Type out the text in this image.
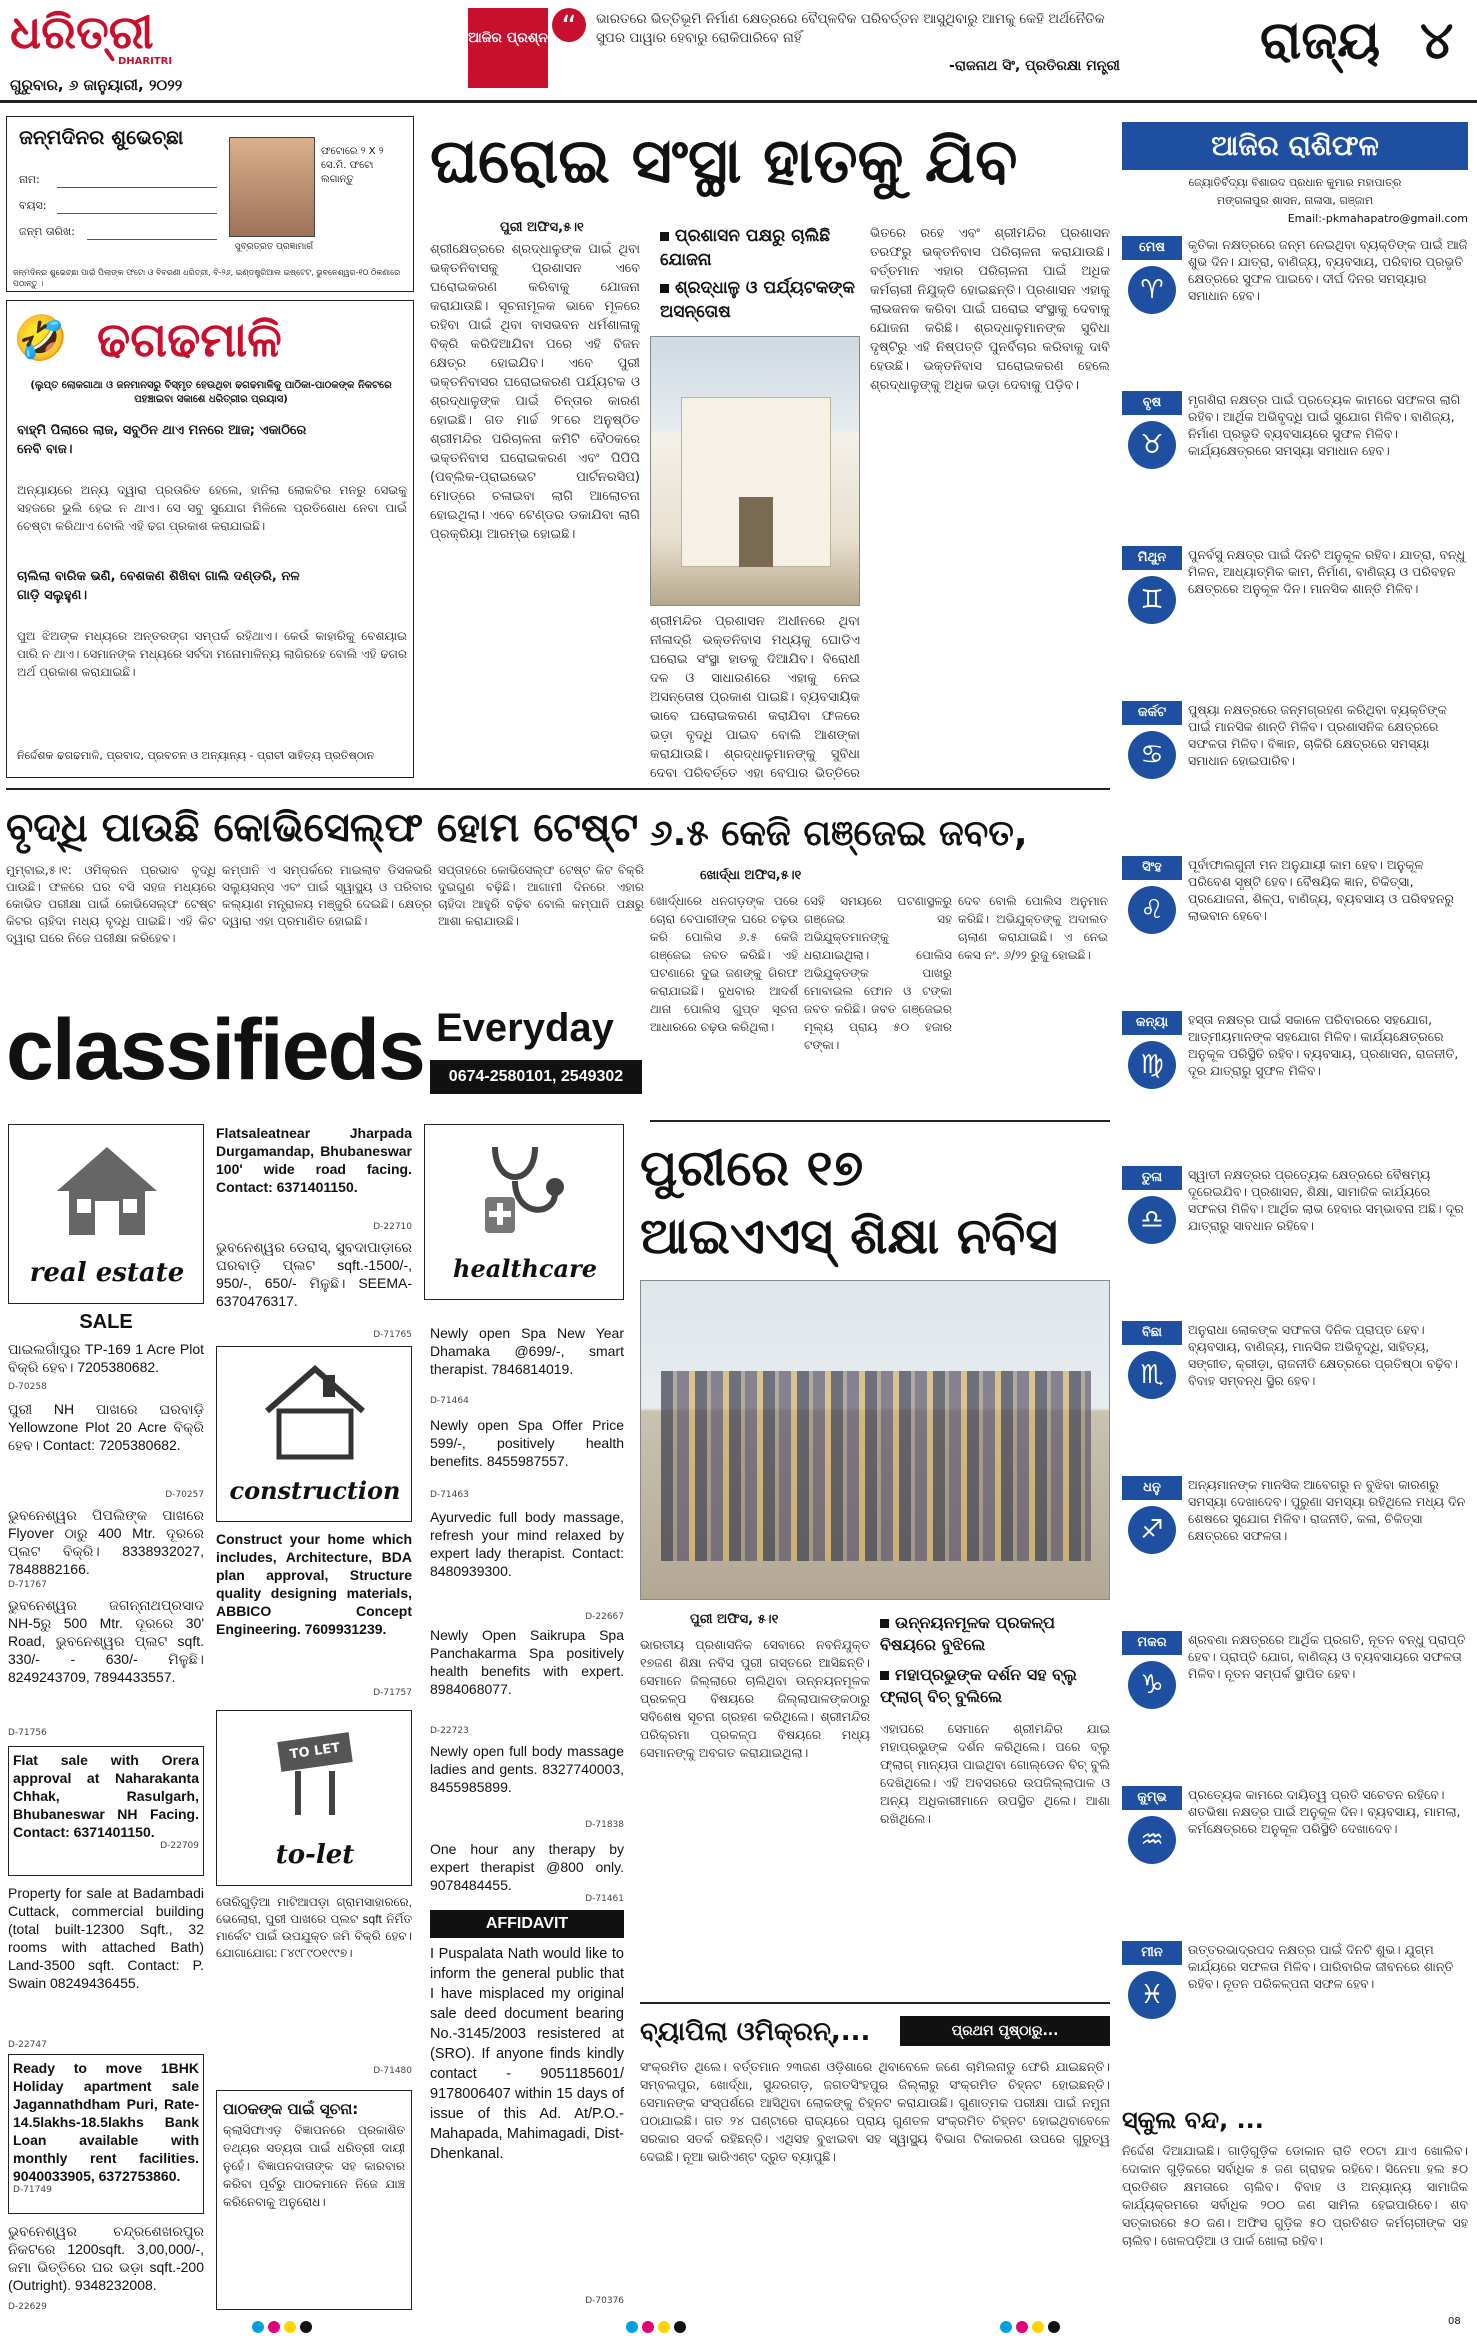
ଧରିତ୍ରୀ
DHARITRI
ଗୁରୁବାର, ୬ ଜାନୁୟାରୀ, ୨୦୨୨
ଆଜିର ପ୍ରଶ୍ନ “	ଭାରତରେ ଭିତ୍ତିଭୂମି ନିର୍ମାଣ କ୍ଷେତ୍ରରେ ବୈପ୍ଳବିକ ପରିବର୍ତ୍ତନ ଆସୁଥିବାରୁ ଆମକୁ କେହି ଅର୍ଥନୈତିକ ସୁପର ପାୱାର ହେବାରୁ ରୋକିପାରିବେ ନାହିଁ
-ରାଜନାଥ ସିଂ, ପ୍ରତିରକ୍ଷା ମନ୍ତ୍ରୀ	ରାଜ୍ୟ ୪
ଜନ୍ମଦିନର ଶୁଭେଚ୍ଛା
ଫଟୋରେ ୨ X ୨ ସେ.ମି. ଫଟୋ ଲଗାନ୍ତୁ
ନାମ:
ବୟସ:
ଜନ୍ମ ତାରିଖ:
ସୁବ୍ରତ୍ରତ ପ୍ରଜ୍ଞାମାର୍ଗ
ଜନ୍ମଦିନର ଶୁଭେଚ୍ଛା ପାଇଁ ପିଲାଙ୍କ ଫଟୋ ଓ ବିବରଣୀ ଧରିତ୍ରୀ, ବି-୨୬, ଇଣ୍ଡଷ୍ଟ୍ରିଆଲ ଇଷ୍ଟେଟ, ଭୁବନେଶ୍ୱର-୧୦ ଠିକଣାରେ ପଠାନ୍ତୁ ।
🤣 ଢଗଢମାଳି
(ଲୁପ୍ତ ଲୋକଗାଥା ଓ ଜନମାନସରୁ ବିସ୍ମୃତ ହେଉଥିବା ଢଗଢମାଳିକୁ ପାଠିକା-ପାଠକଙ୍କ ନିକଟରେ ପହଞ୍ଚାଇବା ସକାଶେ ଧରିତ୍ରୀର ପ୍ରୟାସ)
ବାହ୍ମି ପିଲାରେ ଲାଜ, ସବୁଠିନ ଥାଏ ମନରେ ଆଜ; ଏକାଠିରେ ନେବି ବାଜ।
ଅନ୍ୟାୟରେ ଅନ୍ୟ ଦ୍ୱାରା ପ୍ରତାରିତ ହେଲେ, ହାନିଲା ଲୋକଟିର ମନରୁ ସେଇକୁ ସହଜରେ ଭୁଲି ହେଇ ନ ଥାଏ। ସେ ସବୁ ସୁଯୋଗ ମିଳିଲେ ପ୍ରତିଶୋଧ ନେବା ପାଇଁ ଚେଷ୍ଟା କରିଥାଏ ବୋଲି ଏହି ଢଗ ପ୍ରକାଶ କରାଯାଇଛି।
ଚାଲିଲା ବାରିକ ଭଣି, ବେଶକଣ ଶିଖିବା ଗାଲି ଦଣ୍ଡରି, ନଳ ଗାଡ଼ି ସଲୁହୁଣ।
ପୁଅ ଝିଅଙ୍କ ମଧ୍ୟରେ ଅନ୍ତରଙ୍ଗ ସମ୍ପର୍କ ରହିଥାଏ। କେଉଁ କାହାରିକୁ ବେଶୟାଇ ପାରି ନ ଥାଏ। ସେମାନଙ୍କ ମଧ୍ୟରେ ସର୍ବଦା ମନୋମାଳିନ୍ୟ ଲାଗିରହେ ବୋଲି ଏହି ଢଗର ଅର୍ଥ ପ୍ରକାଶ କରାଯାଇଛି।
ନିର୍ଦ୍ଦେଶକ ଢଗଢମାଳି, ପ୍ରବାଦ, ପ୍ରବଚନ ଓ ଅନ୍ୟାନ୍ୟ - ପ୍ରାଚୀ ସାହିତ୍ୟ ପ୍ରତିଷ୍ଠାନ
ଘରୋଇ ସଂସ୍ଥା ହାତକୁ ଯିବ
ପୁରୀ ଅଫିସ,୫।୧
ଶ୍ରୀକ୍ଷେତ୍ରରେ ଶ୍ରଦ୍ଧାଳୁଙ୍କ ପାଇଁ ଥିବା ଭକ୍ତନିବାସକୁ ପ୍ରଶାସନ ଏବେ ଘରୋଇକରଣ କରିବାକୁ ଯୋଜନା କରାଯାଉଛି। ସୂଚନାମୂଳକ ଭାବେ ମୂଳରେ ରହିବା ପାଇଁ ଥିବା ବାସଭବନ ଧର୍ମଶାଳାକୁ ବିକ୍ରି କରିଦିଆଯିବା ପରେ ଏହି ବିଜନ କ୍ଷେତ୍ର ହୋଇଯିବ। ଏବେ ପୁରୀ ଭକ୍ତନିବାସର ଘରୋଇକରଣ ପର୍ଯ୍ୟଟକ ଓ ଶ୍ରଦ୍ଧାଳୁଙ୍କ ପାଇଁ ଚିନ୍ତାର କାରଣ ହୋଇଛି। ଗତ ମାର୍ଚ୍ଚ ୨୮ରେ ଅନୁଷ୍ଠିତ ଶ୍ରୀମନ୍ଦିର ପରିଚାଳନା କମିଟି ବୈଠକରେ ଭକ୍ତନିବାସ ଘରୋଇକରଣ ଏବଂ ପିପିପି (ପବ୍ଲିକ-ପ୍ରାଇଭେଟ ପାର୍ଟନରସିପ) ମୋଡ୍‌ରେ ଚଳାଇବା ଲାଗି ଆଲୋଚନା ହୋଇଥିଲା। ଏବେ ଟେଣ୍ଡର ଡକାଯିବା ଲାଗି ପ୍ରକ୍ରିୟା ଆରମ୍ଭ ହୋଇଛି।
ପ୍ରଶାସନ ପକ୍ଷରୁ ଚାଲିଛି ଯୋଜନା
ଶ୍ରଦ୍ଧାଳୁ ଓ ପର୍ଯ୍ୟଟକଙ୍କ ଅସନ୍ତୋଷ
ଶ୍ରୀମନ୍ଦିର ପ୍ରଶାସନ ଅଧୀନରେ ଥିବା ନୀଳାଦ୍ରି ଭକ୍ତନିବାସ ମଧ୍ୟକୁ ଘୋଡିଏ ଘରୋଇ ସଂସ୍ଥା ହାତକୁ ଦିଆଯିବ। ବିରୋଧୀ ଦଳ ଓ ସାଧାରଣରେ ଏହାକୁ ନେଇ ଅସନ୍ତୋଷ ପ୍ରକାଶ ପାଇଛି। ବ୍ୟବସାୟିକ ଭାବେ ଘରୋଇକରଣ କରାଯିବା ଫଳରେ ଭଡ଼ା ବୃଦ୍ଧି ପାଇବ ବୋଲି ଆଶଙ୍କା କରାଯାଉଛି। ଶ୍ରଦ୍ଧାଳୁମାନଙ୍କୁ ସୁବିଧା ଦେବା ପରିବର୍ତ୍ତେ ଏହା ବେପାର ଭିତ୍ତିରେ
ଭିତରେ ରହେ ଏବଂ ଶ୍ରୀମନ୍ଦିର ପ୍ରଶାସନ ତରଫରୁ ଭକ୍ତନିବାସ ପରିଚାଳନା କରାଯାଉଛି। ବର୍ତ୍ତମାନ ଏହାର ପରିଚାଳନା ପାଇଁ ଅଧିକ କର୍ମଚାରୀ ନିଯୁକ୍ତି ହୋଇଛନ୍ତି। ପ୍ରଶାସନ ଏହାକୁ ଲାଭଜନକ କରିବା ପାଇଁ ଘରୋଇ ସଂସ୍ଥାକୁ ଦେବାକୁ ଯୋଜନା କରିଛି। ଶ୍ରଦ୍ଧାଳୁମାନଙ୍କ ସୁବିଧା ଦୃଷ୍ଟିରୁ ଏହି ନିଷ୍ପତ୍ତି ପୁନର୍ବିଚାର କରିବାକୁ ଦାବି ହେଉଛି। ଭକ୍ତନିବାସ ଘରୋଇକରଣ ହେଲେ ଶ୍ରଦ୍ଧାଳୁଙ୍କୁ ଅଧିକ ଭଡ଼ା ଦେବାକୁ ପଡ଼ିବ।
ବୃଦ୍ଧି ପାଉଛି କୋଭିସେଲ୍ଫ ହୋମ ଟେଷ୍ଟ
ମୁମ୍ବାଇ,୫।୧: ଓମିକ୍ରନ ପ୍ରଭାବ ବୃଦ୍ଧି ପାଉଛି। ଫଳରେ ଘର ବସି ସହଜ ମଧ୍ୟରେ କୋଭିଡ ପରୀକ୍ଷା ପାଇଁ କୋଭିସେଲ୍ଫ ଟେଷ୍ଟ କିଟର ଚାହିଦା ମଧ୍ୟ ବୃଦ୍ଧି ପାଇଛି। ଏହି କିଟ ଦ୍ୱାରା ଘରେ ନିଜେ ପରୀକ୍ଷା କରିହେବ।
କମ୍ପାନି ଏ ସମ୍ପର୍କରେ ମାଇଲାବ ଡିସକଭରି ସଲ୍ୟୁସନ୍ସ ଏବଂ ପାଇଁ ସ୍ୱାସ୍ଥ୍ୟ ଓ ପରିବାର କଲ୍ୟାଣ ମନ୍ତ୍ରାଳୟ ମଞ୍ଜୁରି ଦେଇଛି। କ୍ଷେତ୍ର ଦ୍ୱାରା ଏହା ପ୍ରମାଣିତ ହୋଇଛି।
ସପ୍ତାହରେ କୋଭିସେଲ୍ଫ ଟେଷ୍ଟ କିଟ ବିକ୍ରି ଦୁଇଗୁଣ ବଢ଼ିଛି। ଆଗାମୀ ଦିନରେ ଏହାର ଚାହିଦା ଆହୁରି ବଢ଼ିବ ବୋଲି କମ୍ପାନି ପକ୍ଷରୁ ଆଶା କରାଯାଉଛି।
୬.୫ କେଜି ଗଞ୍ଜେଇ ଜବତ,
ଖୋର୍ଦ୍ଧା ଅଫିସ,୫।୧
ଖୋର୍ଦ୍ଧାରେ ଧନଗଡ଼ଙ୍କ ପରେ ଚୋରା ବେପାରୀଙ୍କ ଘରେ ଚଢ଼ଉ କରି ପୋଲିସ ୬.୫ କେଜି ଗଞ୍ଜେଇ ଜବତ କରିଛି। ଏହି ଘଟଣାରେ ଦୁଇ ଜଣଙ୍କୁ ଗିରଫ କରାଯାଇଛି। ବୁଧବାର ଆଦର୍ଶ ଥାନା ପୋଲିସ ଗୁପ୍ତ ସୂଚନା ଆଧାରରେ ଚଢ଼ଉ କରିଥିଲା।
ସେହି ସମୟରେ ଘଟଣାସ୍ଥଳରୁ ଗଞ୍ଜେଇ ସହ ଅଭିଯୁକ୍ତମାନଙ୍କୁ ଧରାଯାଇଥିଲା। ପୋଲିସ ଅଭିଯୁକ୍ତଙ୍କ ପାଖରୁ ମୋବାଇଲ ଫୋନ ଓ ଟଙ୍କା ଜବତ କରିଛି। ଜବତ ଗଞ୍ଜେଇର ମୂଲ୍ୟ ପ୍ରାୟ ୫୦ ହଜାର ଟଙ୍କା।
ଦେବ ବୋଲି ପୋଲିସ ଅନୁମାନ କରିଛି। ଅଭିଯୁକ୍ତଙ୍କୁ ଅଦାଲତ ଚାଲାଣ କରାଯାଇଛି। ଏ ନେଇ କେସ ନଂ. ୬/୨୨ ରୁଜୁ ହୋଇଛି।
classifieds Everyday
0674-2580101, 2549302
real estate
SALE
ପାଇଲଗାଁପୁର TP-169 1 Acre Plot ବିକ୍ରି ହେବ। 7205380682.
D-70258
ପୁରୀ NH ପାଖରେ ଘରବାଡ଼ି Yellowzone Plot 20 Acre ବିକ୍ରି ହେବ। Contact: 7205380682.
D-70257
ଭୁବନେଶ୍ୱର ପିପଲିଙ୍କ ପାଖରେ Flyover ଠାରୁ 400 Mtr. ଦୂରରେ ପ୍ଲଟ ବିକ୍ରି। 8338932027, 7848882166.
D-71767
ଭୁବନେଶ୍ୱର ଜଗନ୍ନାଥପ୍ରସାଦ NH-5ରୁ 500 Mtr. ଦୂରରେ 30' Road, ଭୁବନେଶ୍ୱର ପ୍ଲଟ sqft. 330/- - 630/- ମିଳୁଛି। 8249243709, 7894433557.
D-71756
Flat sale with Orera approval at Naharakanta Chhak, Rasulgarh, Bhubaneswar NH Facing. Contact: 6371401150.
D-22709
Property for sale at Badambadi Cuttack, commercial building (total built-12300 Sqft., 32 rooms with attached Bath) Land-3500 sqft. Contact: P. Swain 08249436455.
D-22747
Ready to move 1BHK Holiday apartment sale Jagannathdham Puri, Rate-14.5lakhs-18.5lakhs Bank Loan available with monthly rent facilities. 9040033905, 6372753860.
D-71749
ଭୁବନେଶ୍ୱର ଚନ୍ଦ୍ରଶେଖରପୁର ନିକଟରେ 1200sqft. 3,00,000/-, ଜମା ଭିତ୍ତିରେ ଘର ଭଡ଼ା sqft.-200 (Outright). 9348232008.
D-22629
Flatsaleatnear Jharpada Durgamandap, Bhubaneswar 100' wide road facing. Contact: 6371401150.
D-22710
ଭୁବନେଶ୍ୱର ଡେରାସ୍, ସୁବଦାପାଡ଼ାରେ ଘରବାଡ଼ି ପ୍ଲଟ sqft.-1500/-, 950/-, 650/- ମିଳୁଛି। SEEMA- 6370476317.
D-71765
construction
Construct your home which includes, Architecture, BDA plan approval, Structure quality designing materials, ABBICO Concept Engineering. 7609931239.
D-71757
TO LET
to-let
ତୋରିଗୁଡ଼ିଆ ମାଟିଆପଡ଼ା ଗ୍ରାମସାହାରରେ, ଭେଲୋରା, ପୁରୀ ପାଖରେ ପ୍ଲଟ sqft ନିର୍ମିତ ମାର୍କେଟ ପାଇଁ ଉପଯୁକ୍ତ ଜମି ବିକ୍ରି ହେବ। ଯୋଗାଯୋଗ: ୮୪୯୮୯୦୧୯୯୭।
D-71480
ପାଠକଙ୍କ ପାଇଁ ସୂଚନା:
କ୍ଲାସିଫାଏଡ଼ ବିଜ୍ଞାପନରେ ପ୍ରକାଶିତ ତଥ୍ୟର ସତ୍ୟତା ପାଇଁ ଧରିତ୍ରୀ ଦାୟୀ ନୁହେଁ। ବିଜ୍ଞାପନଦାତାଙ୍କ ସହ କାରବାର କରିବା ପୂର୍ବରୁ ପାଠକମାନେ ନିଜେ ଯାଞ୍ଚ କରିନେବାକୁ ଅନୁରୋଧ।
healthcare
Newly open Spa New Year Dhamaka @699/-, smart therapist. 7846814019.
D-71464
Newly open Spa Offer Price 599/-, positively health benefits. 8455987557.
D-71463
Ayurvedic full body massage, refresh your mind relaxed by expert lady therapist. Contact: 8480939300.
D-22667
Newly Open Saikrupa Spa Panchakarma Spa positively health benefits with expert. 8984068077.
D-22723
Newly open full body massage ladies and gents. 8327740003, 8455985899.
D-71838
One hour any therapy by expert therapist @800 only. 9078484455.
D-71461
AFFIDAVIT
I Puspalata Nath would like to inform the general public that I have misplaced my original sale deed document bearing No.-3145/2003 resistered at (SRO). If anyone finds kindly contact - 9051185601/ 9178006407 within 15 days of issue of this Ad. At/P.O.-Mahapada, Mahimagadi, Dist-Dhenkanal.
D-70376
ପୁରୀରେ ୧୭
ଆଇଏଏସ୍ ଶିକ୍ଷା ନବିସ
ଉନ୍ନୟନମୂଳକ ପ୍ରକଳ୍ପ ବିଷୟରେ ବୁଝିଲେ
ମହାପ୍ରଭୁଙ୍କ ଦର୍ଶନ ସହ ବ୍ଲୁ ଫ୍ଲାଗ୍ ବିଚ୍ ବୁଲିଲେ
ପୁରୀ ଅଫିସ, ୫।୧
ଭାରତୀୟ ପ୍ରଶାସନିକ ସେବାରେ ନବନିଯୁକ୍ତ ୧୭ଜଣ ଶିକ୍ଷା ନବିସ ପୁରୀ ଗସ୍ତରେ ଆସିଛନ୍ତି। ସେମାନେ ଜିଲ୍ଲାରେ ଚାଲିଥିବା ଉନ୍ନୟନମୂଳକ ପ୍ରକଳ୍ପ ବିଷୟରେ ଜିଲ୍ଲାପାଳଙ୍କଠାରୁ ସବିଶେଷ ସୂଚନା ଗ୍ରହଣ କରିଥିଲେ। ଶ୍ରୀମନ୍ଦିର ପରିକ୍ରମା ପ୍ରକଳ୍ପ ବିଷୟରେ ମଧ୍ୟ ସେମାନଙ୍କୁ ଅବଗତ କରାଯାଇଥିଲା।
ଏହାପରେ ସେମାନେ ଶ୍ରୀମନ୍ଦିର ଯାଇ ମହାପ୍ରଭୁଙ୍କ ଦର୍ଶନ କରିଥିଲେ। ପରେ ବ୍ଲୁ ଫ୍ଲାଗ୍ ମାନ୍ୟତା ପାଇଥିବା ଗୋଲ୍ଡେନ ବିଚ୍ ବୁଲି ଦେଖିଥିଲେ। ଏହି ଅବସରରେ ଉପଜିଲ୍ଲାପାଳ ଓ ଅନ୍ୟ ଅଧିକାରୀମାନେ ଉପସ୍ଥିତ ଥିଲେ। ଆଶା ରଖିଥିଲେ।
ବ୍ୟାପିଲା ଓମିକ୍ରନ୍,...	ପ୍ରଥମ ପୃଷ୍ଠାରୁ...
ସଂକ୍ରମିତ ଥିଲେ। ବର୍ତ୍ତମାନ ୨୩ଜଣ ଓଡ଼ିଶାରେ ଥିବାବେଳେ ଜଣେ ଚାମିଲନାଡୁ ଫେରି ଯାଇଛନ୍ତି। ସମ୍ବଲପୁର, ଖୋର୍ଦ୍ଧା, ସୁନ୍ଦରଗଡ଼, ଜଗତସିଂହପୁର ଜିଲ୍ଲାରୁ ସଂକ୍ରମିତ ଚିହ୍ନଟ ହୋଇଛନ୍ତି। ସେମାନଙ୍କ ସଂସ୍ପର୍ଶରେ ଆସିଥିବା ଲୋକଙ୍କୁ ଚିହ୍ନଟ କରାଯାଉଛି। ଗୁଣାତ୍ମକ ପରୀକ୍ଷା ପାଇଁ ନମୁନା ପଠାଯାଇଛି। ଗତ ୨୪ ଘଣ୍ଟାରେ ରାଜ୍ୟରେ ପ୍ରାୟ ଗୁଣତଳ ସଂକ୍ରମିତ ଚିହ୍ନଟ ହୋଇଥିବାବେଳେ ସରକାର ସତର୍କ ରହିଛନ୍ତି। ଏଥିସହ ବୁଝାଇବା ସହ ସ୍ୱାସ୍ଥ୍ୟ ବିଭାଗ ଟିକାକରଣ ଉପରେ ଗୁରୁତ୍ୱ ଦେଇଛି। ନୂଆ ଭାରିଏଣ୍ଟ ଦ୍ରୁତ ବ୍ୟାପୁଛି।
ଆଜିର ରାଶିଫଳ
ଜ୍ୟୋତିର୍ବିଦ୍ୟା ବିଶାରଦ ପ୍ରଧାନ କୁମାର ମହାପାତ୍ର
ମଙ୍ଗଳାପୁର ଶାସନ, ନାଳାସା, ଗଞ୍ଜାମ
Email:-pkmahapatro@gmail.com
ମେଷ
♈
କୃତିକା ନକ୍ଷତ୍ରରେ ଜନ୍ମ ନେଇଥିବା ବ୍ୟକ୍ତିଙ୍କ ପାଇଁ ଆଜି ଶୁଭ ଦିନ। ଯାତ୍ରା, ବାଣିଜ୍ୟ, ବ୍ୟବସାୟ, ପରିବାର ପ୍ରଭୃତି କ୍ଷେତ୍ରରେ ସୁଫଳ ପାଇବେ। ଦୀର୍ଘ ଦିନର ସମସ୍ୟାର ସମାଧାନ ହେବ।
ବୃଷ
♉
ମୃଗଶିରା ନକ୍ଷତ୍ର ପାଇଁ ପ୍ରତ୍ୟେକ କାମରେ ସଫଳତା ଲାଗି ରହିବ। ଆର୍ଥିକ ଅଭିବୃଦ୍ଧି ପାଇଁ ସୁଯୋଗ ମିଳିବ। ବାଣିଜ୍ୟ, ନିର୍ମାଣ ପ୍ରଭୃତି ବ୍ୟବସାୟରେ ସୁଫଳ ମିଳିବ। କାର୍ଯ୍ୟକ୍ଷେତ୍ରରେ ସମସ୍ୟା ସମାଧାନ ହେବ।
ମିଥୁନ
♊
ପୁନର୍ବସୁ ନକ୍ଷତ୍ର ପାଇଁ ଦିନଟି ଅନୁକୂଳ ରହିବ। ଯାତ୍ରା, ବନ୍ଧୁ ମିଳନ, ଆଧ୍ୟାତ୍ମିକ କାମ, ନିର୍ମାଣ, ବାଣିଜ୍ୟ ଓ ପରିବହନ କ୍ଷେତ୍ରରେ ଅନୁକୂଳ ଦିନ। ମାନସିକ ଶାନ୍ତି ମିଳିବ।
କର୍କଟ
♋
ପୁଷ୍ୟା ନକ୍ଷତ୍ରରେ ଜନ୍ମଗ୍ରହଣ କରିଥିବା ବ୍ୟକ୍ତିଙ୍କ ପାଇଁ ମାନସିକ ଶାନ୍ତି ମିଳିବ। ପ୍ରଶାସନିକ କ୍ଷେତ୍ରରେ ସଫଳତା ମିଳିବ। ବିଜ୍ଞାନ, ଚାକିରି କ୍ଷେତ୍ରରେ ସମସ୍ୟା ସମାଧାନ ହୋଇପାରିବ।
ସିଂହ
♌
ପୂର୍ବାଫାଲଗୁନୀ ମନ ଅନୁଯାୟୀ କାମ ହେବ। ଅନୁକୂଳ ପରିବେଶ ସୃଷ୍ଟି ହେବ। ବୈଷୟିକ ଜ୍ଞାନ, ଚିକିତ୍ସା, ପ୍ରଯୋଜନା, ଶିଳ୍ପ, ବାଣିଜ୍ୟ, ବ୍ୟବସାୟ ଓ ପରିବହନରୁ ଲାଭବାନ ହେବେ।
କନ୍ୟା
♍
ହସ୍ତା ନକ୍ଷତ୍ର ପାଇଁ ସକାଳେ ପରିବାରରେ ସହଯୋଗ, ଆତ୍ମୀୟମାନଙ୍କ ସହଯୋଗ ମିଳିବ। କାର୍ଯ୍ୟକ୍ଷେତ୍ରରେ ଅନୁକୂଳ ପରିସ୍ଥିତି ରହିବ। ବ୍ୟବସାୟ, ପ୍ରଶାସନ, ରାଜନୀତି, ଦୂର ଯାତ୍ରାରୁ ସୁଫଳ ମିଳିବ।
ତୁଳା
♎
ସ୍ୱାତୀ ନକ୍ଷତ୍ରର ପ୍ରତ୍ୟେକ କ୍ଷେତ୍ରରେ ବୈଷମ୍ୟ ଦୂରେଇଯିବ। ପ୍ରଶାସନ, ଶିକ୍ଷା, ସାମାଜିକ କାର୍ଯ୍ୟରେ ସଫଳତା ମିଳିବ। ଆର୍ଥିକ ଲାଭ ହେବାର ସମ୍ଭାବନା ଅଛି। ଦୂର ଯାତ୍ରାରୁ ସାବଧାନ ରହିବେ।
ବିଛା
♏
ଅନୁରାଧା ଲୋକଙ୍କ ସଫଳତା ଦିନିକ ପ୍ରାପ୍ତ ହେବ। ବ୍ୟବସାୟ, ବାଣିଜ୍ୟ, ମାନସିକ ଅଭିବୃଦ୍ଧି, ସାହିତ୍ୟ, ସଙ୍ଗୀତ, କ୍ରୀଡ଼ା, ରାଜନୀତି କ୍ଷେତ୍ରରେ ପ୍ରତିଷ୍ଠା ବଢ଼ିବ। ବିବାହ ସମ୍ବନ୍ଧ ସ୍ଥିର ହେବ।
ଧନୁ
♐
ଅନ୍ୟମାନଙ୍କ ମାନସିକ ଆବେଗରୁ ନ ବୁଝିବା କାରଣରୁ ସମସ୍ୟା ଦେଖାଦେବ। ପୁରୁଣା ସମସ୍ୟା ରହିଥିଲେ ମଧ୍ୟ ଦିନ ଶେଷରେ ସୁଯୋଗ ମିଳିବ। ରାଜନୀତି, କଳା, ଚିକିତ୍ସା କ୍ଷେତ୍ରରେ ସଫଳତା।
ମକର
♑
ଶ୍ରବଣା ନକ୍ଷତ୍ରରେ ଆର୍ଥିକ ପ୍ରଗତି, ନୂତନ ବନ୍ଧୁ ପ୍ରାପ୍ତି ହେବ। ପ୍ରାପ୍ତି ଯୋଗ, ବାଣିଜ୍ୟ ଓ ବ୍ୟବସାୟରେ ସଫଳତା ମିଳିବ। ନୂତନ ସମ୍ପର୍କ ସ୍ଥାପିତ ହେବ।
କୁମ୍ଭ
♒
ପ୍ରତ୍ୟେକ କାମରେ ଦାୟିତ୍ୱ ପ୍ରତି ସଚେତନ ରହିବେ। ଶତଭିଷା ନକ୍ଷତ୍ର ପାଇଁ ଅନୁକୂଳ ଦିନ। ବ୍ୟବସାୟ, ମାମଲା, କର୍ମକ୍ଷେତ୍ରରେ ଅନୁକୂଳ ପରିସ୍ଥିତି ଦେଖାଦେବ।
ମୀନ
♓
ଉତ୍ତରଭାଦ୍ରପଦ ନକ୍ଷତ୍ର ପାଇଁ ଦିନଟି ଶୁଭ। ଯୁଗ୍ମ କାର୍ଯ୍ୟରେ ସଫଳତା ମିଳିବ। ପାରିବାରିକ ଜୀବନରେ ଶାନ୍ତି ରହିବ। ନୂତନ ପରିକଳ୍ପନା ସଫଳ ହେବ।
ସ୍କୁଲ ବନ୍ଦ, ...
ନିର୍ଦ୍ଦେଶ ଦିଆଯାଇଛି। ଗାଡ଼ିଗୁଡ଼ିକ ଡୋକାନ ରାତି ୧୦ଟା ଯାଏ ଖୋଲିବ। ଦୋକାନ ଗୁଡ଼ିକରେ ସର୍ବାଧିକ ୫ ଜଣ ଗ୍ରାହକ ରହିବେ। ସିନେମା ହଲ ୫୦ ପ୍ରତିଶତ କ୍ଷମତାରେ ଚାଲିବ। ବିବାହ ଓ ଅନ୍ୟାନ୍ୟ ସାମାଜିକ କାର୍ଯ୍ୟକ୍ରମରେ ସର୍ବାଧିକ ୨୦୦ ଜଣ ସାମିଲ ହେଇପାରିବେ। ଶବ ସତ୍କାରରେ ୫୦ ଜଣ। ଅଫିସ ଗୁଡ଼ିକ ୫୦ ପ୍ରତିଶତ କର୍ମଚାରୀଙ୍କ ସହ ଚାଲିବ। ଖେଳପଡ଼ିଆ ଓ ପାର୍କ ଖୋଲା ରହିବ।

08
